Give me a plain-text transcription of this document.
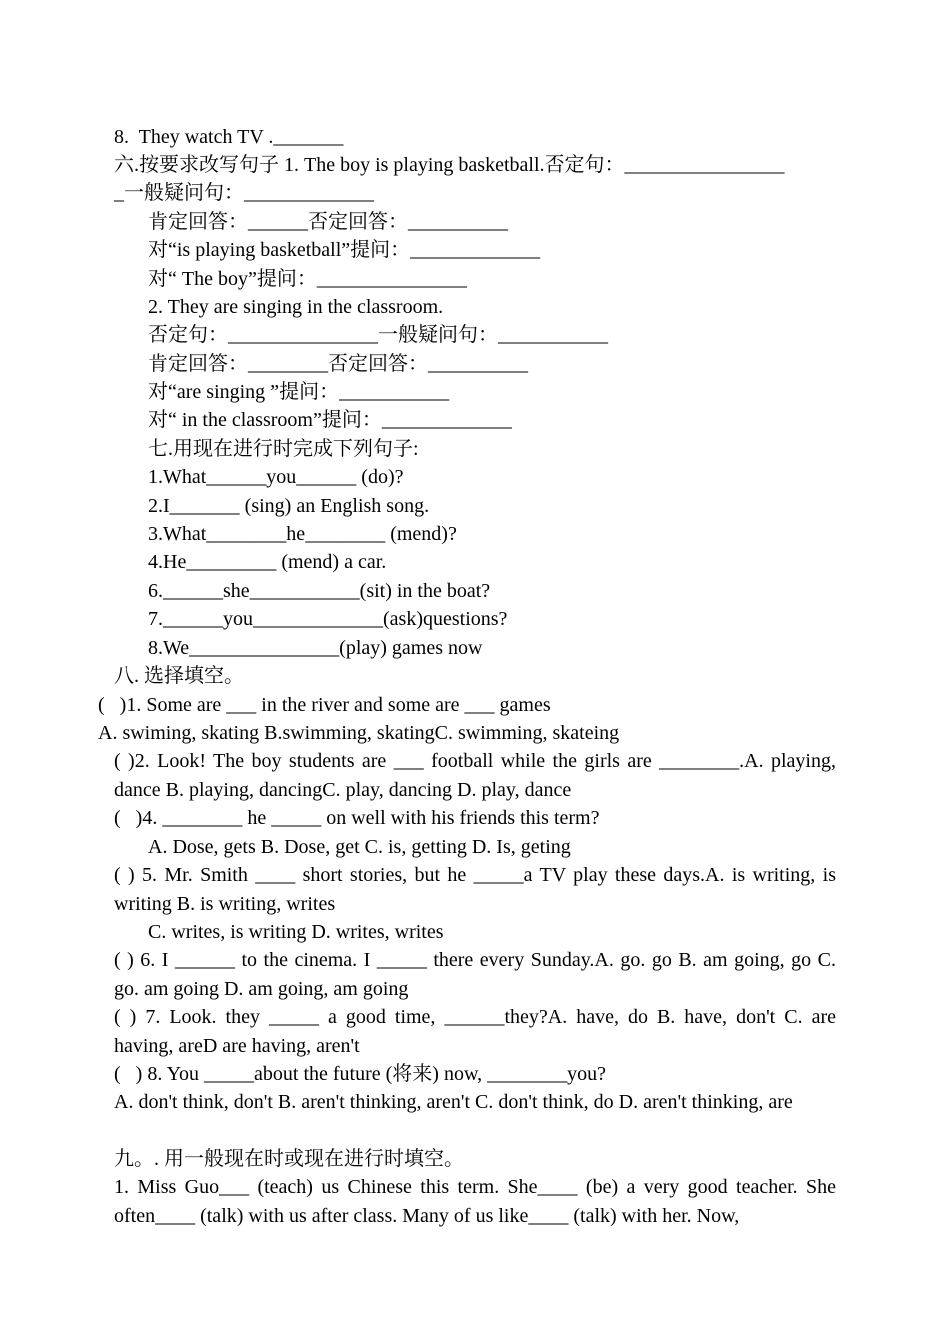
8.  They watch TV ._______
六.按要求改写句子 1. The boy is playing basketball.否定句：________________
_一般疑问句：_____________
肯定回答：______否定回答：__________
对“is playing basketball”提问：_____________
对“ The boy”提问：_______________
2. They are singing in the classroom.
否定句：_______________一般疑问句：___________
肯定回答：________否定回答：__________
对“are singing ”提问：___________
对“ in the classroom”提问：_____________
七.用现在进行时完成下列句子:
1.What______you______ (do)?
2.I_______ (sing) an English song.
3.What________he________ (mend)?
4.He_________ (mend) a car.
6.______she___________(sit) in the boat?
7.______you_____________(ask)questions?
8.We_______________(play) games now
八. 选择填空。
(   )1. Some are ___ in the river and some are ___ games
A. swiming, skating B.swimming, skatingC. swimming, skateing
( )2. Look! The boy students are ___ football while the girls are ________.A. playing, dance B. playing, dancingC. play, dancing D. play, dance
(   )4. ________ he _____ on well with his friends this term?
A. Dose, gets B. Dose, get C. is, getting D. Is, geting
( ) 5. Mr. Smith ____ short stories, but he _____a TV play these days.A. is writing, is writing B. is writing, writes
C. writes, is writing D. writes, writes
( ) 6. I ______ to the cinema. I _____ there every Sunday.A. go. go B. am going, go C. go. am going D. am going, am going
( ) 7. Look. they _____ a good time, ______they?A. have, do B. have, don't C. are having, areD are having, aren't
(   ) 8. You _____about the future (将来) now, ________you?
A. don't think, don't B. aren't thinking, aren't C. don't think, do D. aren't thinking, are
九。. 用一般现在时或现在进行时填空。
1. Miss Guo___ (teach) us Chinese this term. She____ (be) a very good teacher. She often____ (talk) with us after class. Many of us like____ (talk) with her. Now,
